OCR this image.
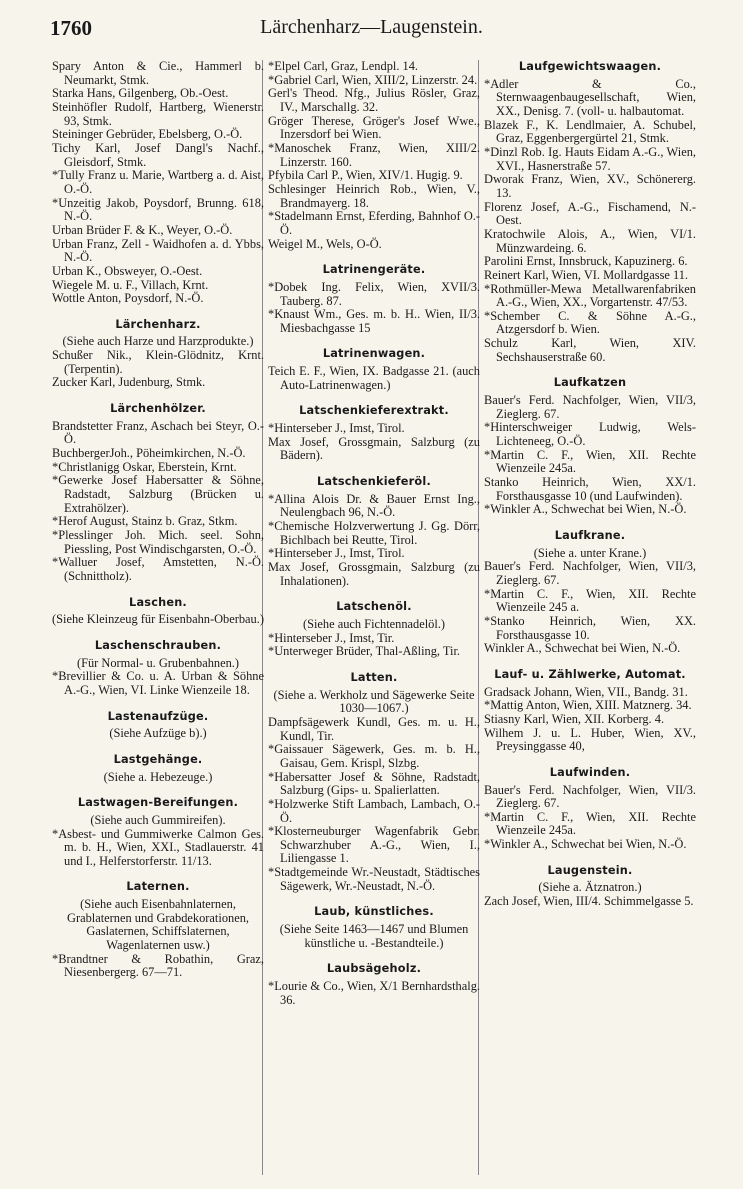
1760	Lärchenharz—Laugenstein.
Spary Anton & Cie., Hammerl b. Neumarkt, Stmk.
Starka Hans, Gilgenberg, Ob.-Oest.
Steinhöfler Rudolf, Hartberg, Wienerstr. 93, Stmk.
Steininger Gebrüder, Ebelsberg, O.-Ö.
Tichy Karl, Josef Dangl's Nachf., Gleisdorf, Stmk.
*Tully Franz u. Marie, Wartberg a. d. Aist, O.-Ö.
*Unzeitig Jakob, Poysdorf, Brunng. 618, N.-Ö.
Urban Brüder F. & K., Weyer, O.-Ö.
Urban Franz, Zell - Waidhofen a. d. Ybbs, N.-Ö.
Urban K., Obsweyer, O.-Oest.
Wiegele M. u. F., Villach, Krnt.
Wottle Anton, Poysdorf, N.-Ö.
Lärchenharz.
(Siehe auch Harze und Harzprodukte.)
Schußer Nik., Klein-Glödnitz, Krnt. (Terpentin).
Zucker Karl, Judenburg, Stmk.
Lärchenhölzer.
Brandstetter Franz, Aschach bei Steyr, O.-Ö.
BuchbergerJoh., Pöheimkirchen, N.-Ö.
*Christlanigg Oskar, Eberstein, Krnt.
*Gewerke Josef Habersatter & Söhne, Radstadt, Salzburg (Brücken u. Extrahölzer).
*Herof August, Stainz b. Graz, Stkm.
*Plesslinger Joh. Mich. seel. Sohn, Piessling, Post Windischgarsten, O.-Ö.
*Walluer Josef, Amstetten, N.-Ö. (Schnittholz).
Laschen.
(Siehe Kleinzeug für Eisenbahn-Oberbau.)
Laschenschrauben.
(Für Normal- u. Grubenbahnen.)
*Brevillier & Co. u. A. Urban & Söhne A.-G., Wien, VI. Linke Wienzeile 18.
Lastenaufzüge.
(Siehe Aufzüge b).)
Lastgehänge.
(Siehe a. Hebezeuge.)
Lastwagen-Bereifungen.
(Siehe auch Gummireifen).
*Asbest- und Gummiwerke Calmon Ges. m. b. H., Wien, XXI., Stadlauerstr. 41 und I., Helferstorferstr. 11/13.
Laternen.
(Siehe auch Eisenbahnlaternen, Grablaternen und Grabdekorationen, Gaslaternen, Schiffslaternen, Wagenlaternen usw.)
*Brandtner & Robathin, Graz, Niesenbergerg. 67—71.
*Elpel Carl, Graz, Lendpl. 14.
*Gabriel Carl, Wien, XIII/2, Linzerstr. 24.
Gerl's Theod. Nfg., Julius Rösler, Graz, IV., Marschallg. 32.
Gröger Therese, Gröger's Josef Wwe., Inzersdorf bei Wien.
*Manoschek Franz, Wien, XIII/2. Linzerstr. 160.
Pfybila Carl P., Wien, XIV/1. Hugig. 9.
Schlesinger Heinrich Rob., Wien, V., Brandmayerg. 18.
*Stadelmann Ernst, Eferding, Bahnhof O.-Ö.
Weigel M., Wels, O-Ö.
Latrinengeräte.
*Dobek Ing. Felix, Wien, XVII/3. Tauberg. 87.
*Knaust Wm., Ges. m. b. H.. Wien, II/3. Miesbachgasse 15
Latrinenwagen.
Teich E. F., Wien, IX. Badgasse 21. (auch Auto-Latrinenwagen.)
Latschenkieferextrakt.
*Hinterseber J., Imst, Tirol.
Max Josef, Grossgmain, Salzburg (zu Bädern).
Latschenkieferöl.
*Allina Alois Dr. & Bauer Ernst Ing., Neulengbach 96, N.-Ö.
*Chemische Holzverwertung J. Gg. Dörr, Bichlbach bei Reutte, Tirol.
*Hinterseber J., Imst, Tirol.
Max Josef, Grossgmain, Salzburg (zu Inhalationen).
Latschenöl.
(Siehe auch Fichtennadelöl.)
*Hinterseber J., Imst, Tir.
*Unterweger Brüder, Thal-Aßling, Tir.
Latten.
(Siehe a. Werkholz und Sägewerke Seite 1030—1067.)
Dampfsägewerk Kundl, Ges. m. u. H., Kundl, Tir.
*Gaissauer Sägewerk, Ges. m. b. H., Gaisau, Gem. Krispl, Slzbg.
*Habersatter Josef & Söhne, Radstadt, Salzburg (Gips- u. Spalierlatten.
*Holzwerke Stift Lambach, Lambach, O.-Ö.
*Klosterneuburger Wagenfabrik Gebr. Schwarzhuber A.-G., Wien, I., Liliengasse 1.
*Stadtgemeinde Wr.-Neustadt, Städtisches Sägewerk, Wr.-Neustadt, N.-Ö.
Laub, künstliches.
(Siehe Seite 1463—1467 und Blumen künstliche u. -Bestandteile.)
Laubsägeholz.
*Lourie & Co., Wien, X/1 Bernhardsthalg. 36.
Laufgewichtswaagen.
*Adler & Co., Sternwaagenbaugesellschaft, Wien, XX., Denisg. 7. (voll- u. halbautomat.
Blazek F., K. Lendlmaier, A. Schubel, Graz, Eggenbergergürtel 21, Stmk.
*Dinzl Rob. Ig. Hauts Eidam A.-G., Wien, XVI., Hasnerstraße 57.
Dworak Franz, Wien, XV., Schönererg. 13.
Florenz Josef, A.-G., Fischamend, N.-Oest.
Kratochwile Alois, A., Wien, VI/1. Münzwardeing. 6.
Parolini Ernst, Innsbruck, Kapuzinerg. 6.
Reinert Karl, Wien, VI. Mollardgasse 11.
*Rothmüller-Mewa Metallwarenfabriken A.-G., Wien, XX., Vorgartenstr. 47/53.
*Schember C. & Söhne A.-G., Atzgersdorf b. Wien.
Schulz Karl, Wien, XIV. Sechshauserstraße 60.
Laufkatzen
Bauer's Ferd. Nachfolger, Wien, VII/3, Zieglerg. 67.
*Hinterschweiger Ludwig, Wels-Lichteneeg, O.-Ö.
*Martin C. F., Wien, XII. Rechte Wienzeile 245a.
Stanko Heinrich, Wien, XX/1. Forsthausgasse 10 (und Laufwinden).
*Winkler A., Schwechat bei Wien, N.-Ö.
Laufkrane.
(Siehe a. unter Krane.)
Bauer's Ferd. Nachfolger, Wien, VII/3, Zieglerg. 67.
*Martin C. F., Wien, XII. Rechte Wienzeile 245 a.
*Stanko Heinrich, Wien, XX. Forsthausgasse 10.
Winkler A., Schwechat bei Wien, N.-Ö.
Lauf- u. Zählwerke, Automat.
Gradsack Johann, Wien, VII., Bandg. 31.
*Mattig Anton, Wien, XIII. Matznerg. 34.
Stiasny Karl, Wien, XII. Korberg. 4.
Wilhem J. u. L. Huber, Wien, XV., Preysinggasse 40,
Laufwinden.
Bauer's Ferd. Nachfolger, Wien, VII/3. Zieglerg. 67.
*Martin C. F., Wien, XII. Rechte Wienzeile 245a.
*Winkler A., Schwechat bei Wien, N.-Ö.
Laugenstein.
(Siehe a. Ätznatron.)
Zach Josef, Wien, III/4. Schimmelgasse 5.
